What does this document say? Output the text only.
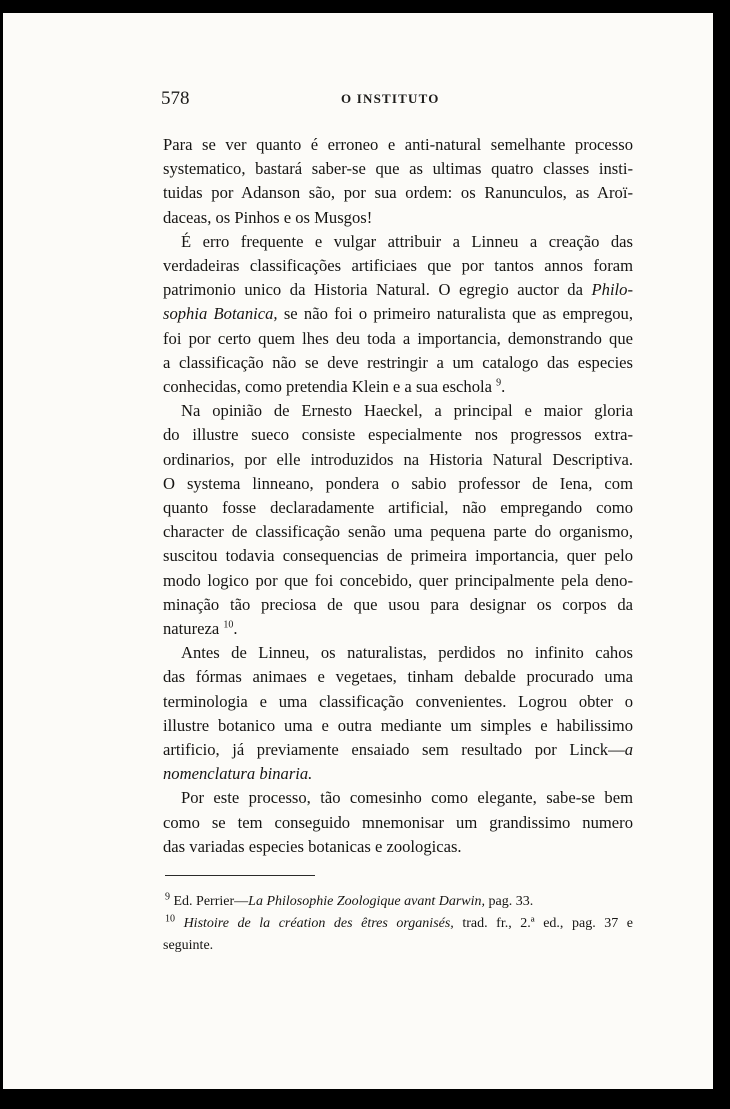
578	O INSTITUTO

Para se ver quanto é erroneo e anti-natural semelhante processo
systematico, bastará saber-se que as ultimas quatro classes insti-
tuidas por Adanson são, por sua ordem: os Ranunculos, as Aroï-
daceas, os Pinhos e os Musgos!

É erro frequente e vulgar attribuir a Linneu a creação das
verdadeiras classificações artificiaes que por tantos annos foram
patrimonio unico da Historia Natural. O egregio auctor da Philo-
sophia Botanica, se não foi o primeiro naturalista que as empregou,
foi por certo quem lhes deu toda a importancia, demonstrando que
a classificação não se deve restringir a um catalogo das especies
conhecidas, como pretendia Klein e a sua eschola $^9$.

Na opinião de Ernesto Haeckel, a principal e maior gloria
do illustre sueco consiste especialmente nos progressos extra-
ordinarios, por elle introduzidos na Historia Natural Descriptiva.
O systema linneano, pondera o sabio professor de Iena, com
quanto fosse declaradamente artificial, não empregando como
character de classificação senão uma pequena parte do organismo,
suscitou todavia consequencias de primeira importancia, quer pelo
modo logico por que foi concebido, quer principalmente pela deno-
minação tão preciosa de que usou para designar os corpos da
natureza $^{10}$.

Antes de Linneu, os naturalistas, perdidos no infinito cahos
das fórmas animaes e vegetaes, tinham debalde procurado uma
terminologia e uma classificação convenientes. Logrou obter o
illustre botanico uma e outra mediante um simples e habilissimo
artificio, já previamente ensaiado sem resultado por Linck—a
nomenclatura binaria.

Por este processo, tão comesinho como elegante, sabe-se bem
como se tem conseguido mnemonisar um grandissimo numero
das variadas especies botanicas e zoologicas.

$^9$ Ed. Perrier—La Philosophie Zoologique avant Darwin, pag. 33.
$^{10}$ Histoire de la création des êtres organisés, trad. fr., 2.ª ed., pag. 37 e
seguinte.
